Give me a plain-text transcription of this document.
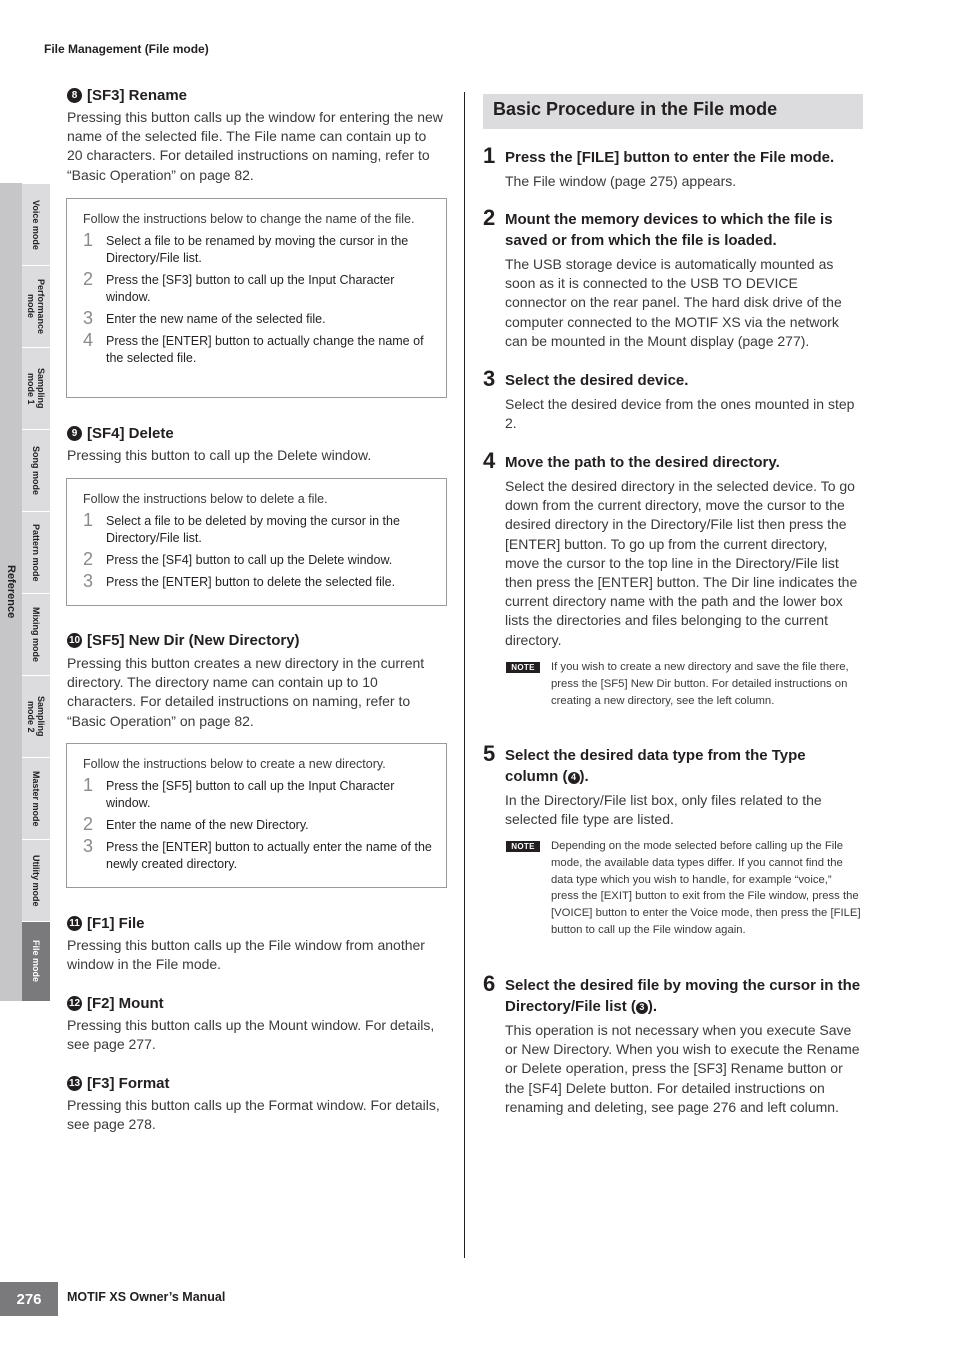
File Management (File mode)
Reference
Voice mode
Performance
mode
Sampling
mode 1
Song mode
Pattern mode
Mixing mode
Sampling
mode 2
Master mode
Utility mode
File mode
8 [SF3] Rename
Pressing this button calls up the window for entering the new name of the selected file. The File name can contain up to 20 characters. For detailed instructions on naming, refer to “Basic Operation” on page 82.
Follow the instructions below to change the name of the file.
1	Select a file to be renamed by moving the cursor in the Directory/File list.
2	Press the [SF3] button to call up the Input Character window.
3	Enter the new name of the selected file.
4	Press the [ENTER] button to actually change the name of the selected file.
9 [SF4] Delete
Pressing this button to call up the Delete window.
Follow the instructions below to delete a file.
1	Select a file to be deleted by moving the cursor in the Directory/File list.
2	Press the [SF4] button to call up the Delete window.
3	Press the [ENTER] button to delete the selected file.
10 [SF5] New Dir (New Directory)
Pressing this button creates a new directory in the current directory. The directory name can contain up to 10 characters. For detailed instructions on naming, refer to “Basic Operation” on page 82.
Follow the instructions below to create a new directory.
1	Press the [SF5] button to call up the Input Character window.
2	Enter the name of the new Directory.
3	Press the [ENTER] button to actually enter the name of the newly created directory.
11 [F1] File
Pressing this button calls up the File window from another window in the File mode.
12 [F2] Mount
Pressing this button calls up the Mount window. For details, see page 277.
13 [F3] Format
Pressing this button calls up the Format window. For details, see page 278.
Basic Procedure in the File mode
1 Press the [FILE] button to enter the File mode.
The File window (page 275) appears.
2 Mount the memory devices to which the file is saved or from which the file is loaded.
The USB storage device is automatically mounted as soon as it is connected to the USB TO DEVICE connector on the rear panel. The hard disk drive of the computer connected to the MOTIF XS via the network can be mounted in the Mount display (page 277).
3 Select the desired device.
Select the desired device from the ones mounted in step 2.
4 Move the path to the desired directory.
Select the desired directory in the selected device. To go down from the current directory, move the cursor to the desired directory in the Directory/File list then press the [ENTER] button. To go up from the current directory, move the cursor to the top line in the Directory/File list then press the [ENTER] button. The Dir line indicates the current directory name with the path and the lower box lists the directories and files belonging to the current directory.
NOTE	If you wish to create a new directory and save the file there, press the [SF5] New Dir button. For detailed instructions on creating a new directory, see the left column.
5 Select the desired data type from the Type column ( 4 ).
In the Directory/File list box, only files related to the selected file type are listed.
NOTE	Depending on the mode selected before calling up the File mode, the available data types differ. If you cannot find the data type which you wish to handle, for example “voice,” press the [EXIT] button to exit from the File window, press the [VOICE] button to enter the Voice mode, then press the [FILE] button to call up the File window again.
6 Select the desired file by moving the cursor in the Directory/File list ( 3 ).
This operation is not necessary when you execute Save or New Directory. When you wish to execute the Rename or Delete operation, press the [SF3] Rename button or the [SF4] Delete button. For detailed instructions on renaming and deleting, see page 276 and left column.
276	MOTIF XS Owner’s Manual
